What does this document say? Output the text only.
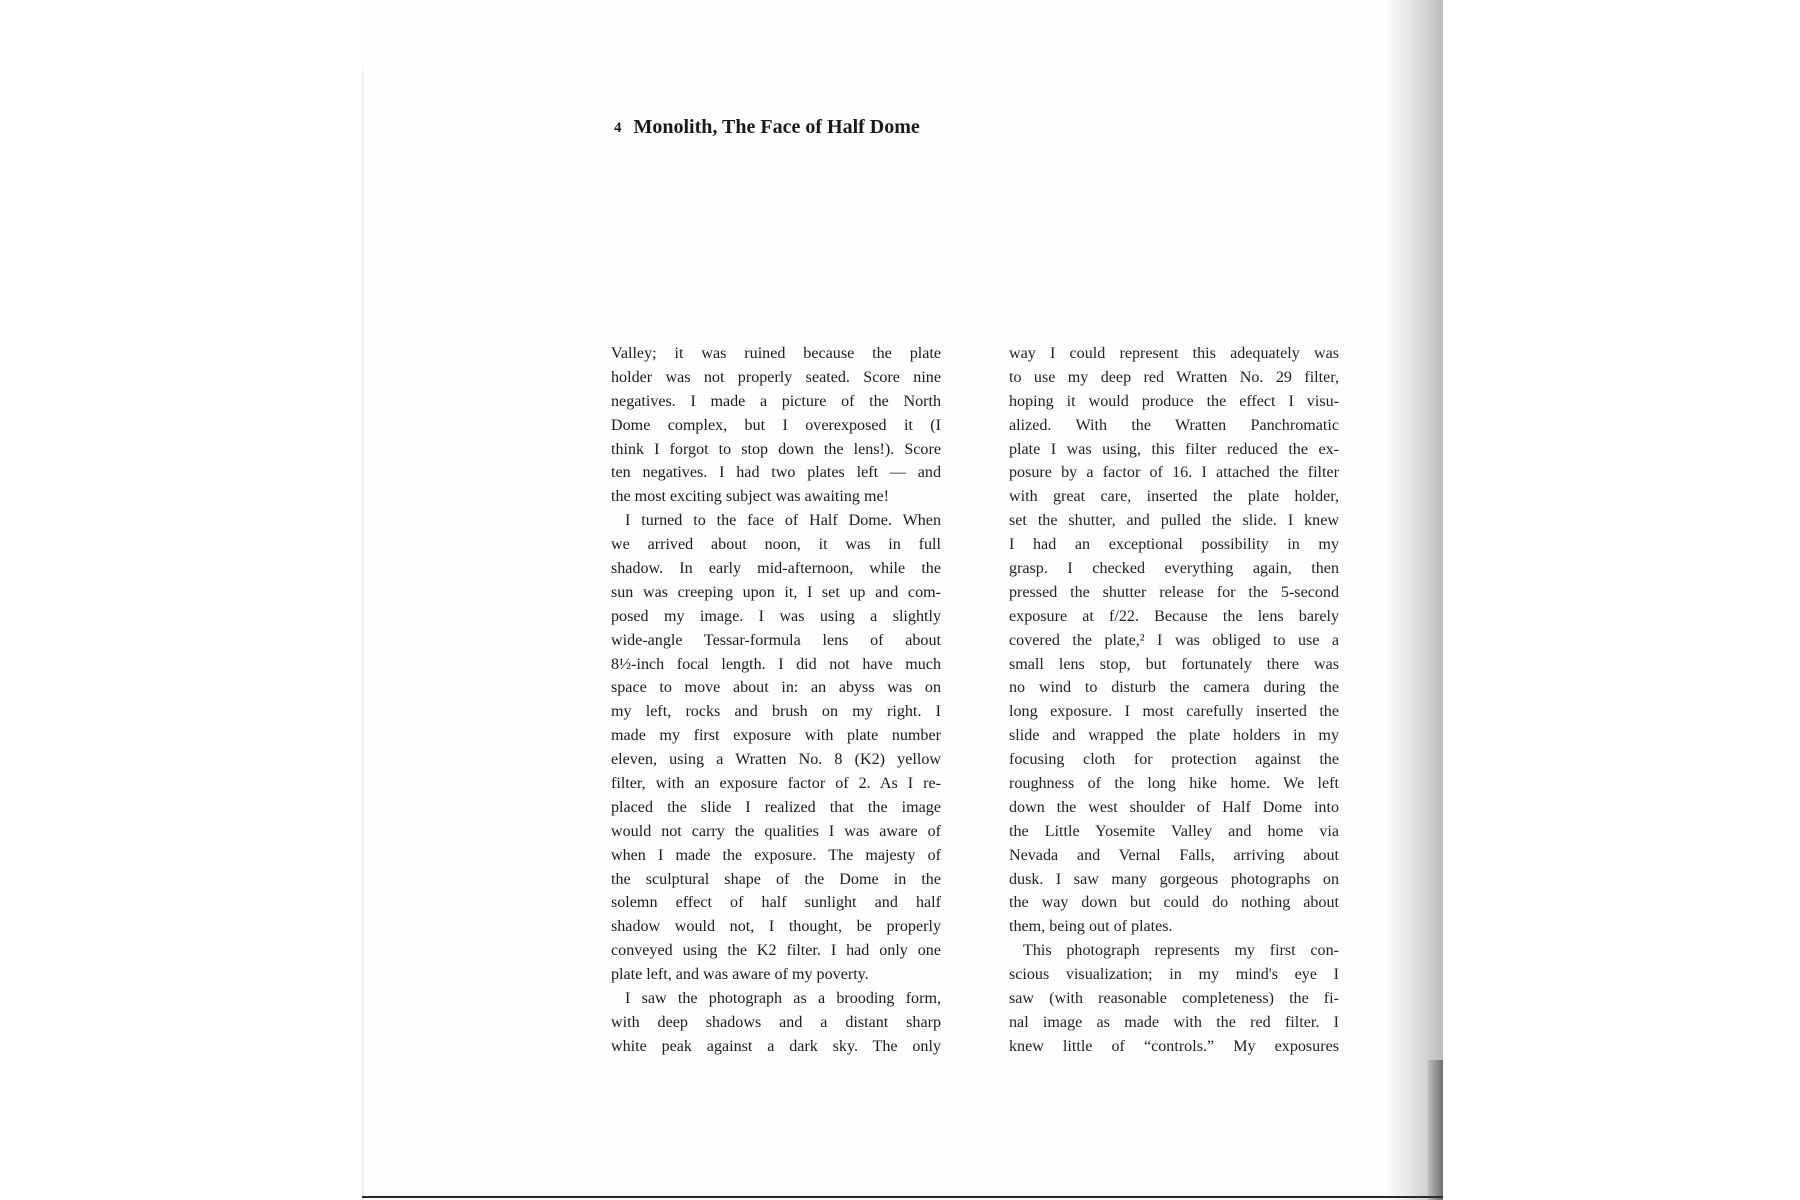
4 Monolith, The Face of Half Dome
Valley; it was ruined because the plate
holder was not properly seated. Score nine
negatives. I made a picture of the North
Dome complex, but I overexposed it (I
think I forgot to stop down the lens!). Score
ten negatives. I had two plates left — and
the most exciting subject was awaiting me!
I turned to the face of Half Dome. When
we arrived about noon, it was in full
shadow. In early mid-afternoon, while the
sun was creeping upon it, I set up and com-
posed my image. I was using a slightly
wide-angle Tessar-formula lens of about
8½-inch focal length. I did not have much
space to move about in: an abyss was on
my left, rocks and brush on my right. I
made my first exposure with plate number
eleven, using a Wratten No. 8 (K2) yellow
filter, with an exposure factor of 2. As I re-
placed the slide I realized that the image
would not carry the qualities I was aware of
when I made the exposure. The majesty of
the sculptural shape of the Dome in the
solemn effect of half sunlight and half
shadow would not, I thought, be properly
conveyed using the K2 filter. I had only one
plate left, and was aware of my poverty.
I saw the photograph as a brooding form,
with deep shadows and a distant sharp
white peak against a dark sky. The only
way I could represent this adequately was
to use my deep red Wratten No. 29 filter,
hoping it would produce the effect I visu-
alized. With the Wratten Panchromatic
plate I was using, this filter reduced the ex-
posure by a factor of 16. I attached the filter
with great care, inserted the plate holder,
set the shutter, and pulled the slide. I knew
I had an exceptional possibility in my
grasp. I checked everything again, then
pressed the shutter release for the 5-second
exposure at f/22. Because the lens barely
covered the plate,² I was obliged to use a
small lens stop, but fortunately there was
no wind to disturb the camera during the
long exposure. I most carefully inserted the
slide and wrapped the plate holders in my
focusing cloth for protection against the
roughness of the long hike home. We left
down the west shoulder of Half Dome into
the Little Yosemite Valley and home via
Nevada and Vernal Falls, arriving about
dusk. I saw many gorgeous photographs on
the way down but could do nothing about
them, being out of plates.
This photograph represents my first con-
scious visualization; in my mind's eye I
saw (with reasonable completeness) the fi-
nal image as made with the red filter. I
knew little of “controls.” My exposures
